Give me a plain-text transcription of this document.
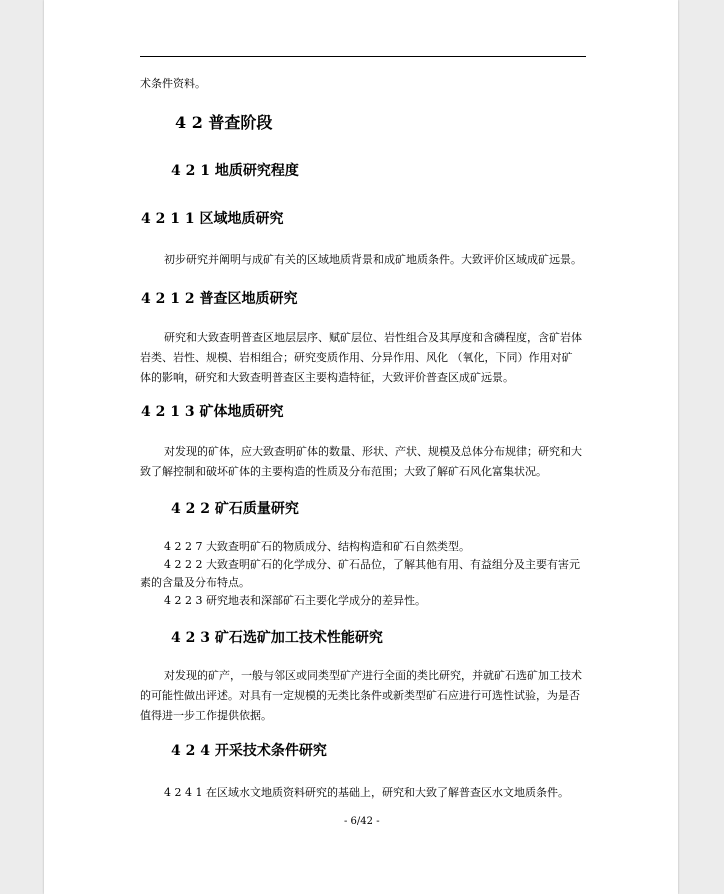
术条件资料。
4 2 普查阶段
4 2 1 地质研究程度
4 2 1 1 区域地质研究
初步研究并阐明与成矿有关的区域地质背景和成矿地质条件。大致评价区域成矿远景。
4 2 1 2 普查区地质研究

研究和大致查明普查区地层层序、赋矿层位、岩性组合及其厚度和含磷程度，含矿岩体

岩类、岩性、规模、岩相组合；研究变质作用、分异作用、风化 （氧化，下同）作用对矿

体的影响，研究和大致查明普查区主要构造特征，大致评价普查区成矿远景。

4 2 1 3 矿体地质研究

对发现的矿体，应大致查明矿体的数量、形状、产状、规模及总体分布规律；研究和大

致了解控制和破坏矿体的主要构造的性质及分布范围；大致了解矿石风化富集状况。

4 2 2 矿石质量研究

4 2 2 7 大致查明矿石的物质成分、结构构造和矿石自然类型。

4 2 2 2 大致查明矿石的化学成分、矿石品位，了解其他有用、有益组分及主要有害元

素的含量及分布特点。

4 2 2 3 研究地表和深部矿石主要化学成分的差异性。

4 2 3 矿石选矿加工技术性能研究

对发现的矿产，一般与邻区或同类型矿产进行全面的类比研究，并就矿石选矿加工技术

的可能性做出评述。对具有一定规模的无类比条件或新类型矿石应进行可选性试验，为是否

值得进一步工作提供依据。

4 2 4 开采技术条件研究
4 2 4 1 在区域水文地质资料研究的基础上，研究和大致了解普查区水文地质条件。
- 6/42 -
